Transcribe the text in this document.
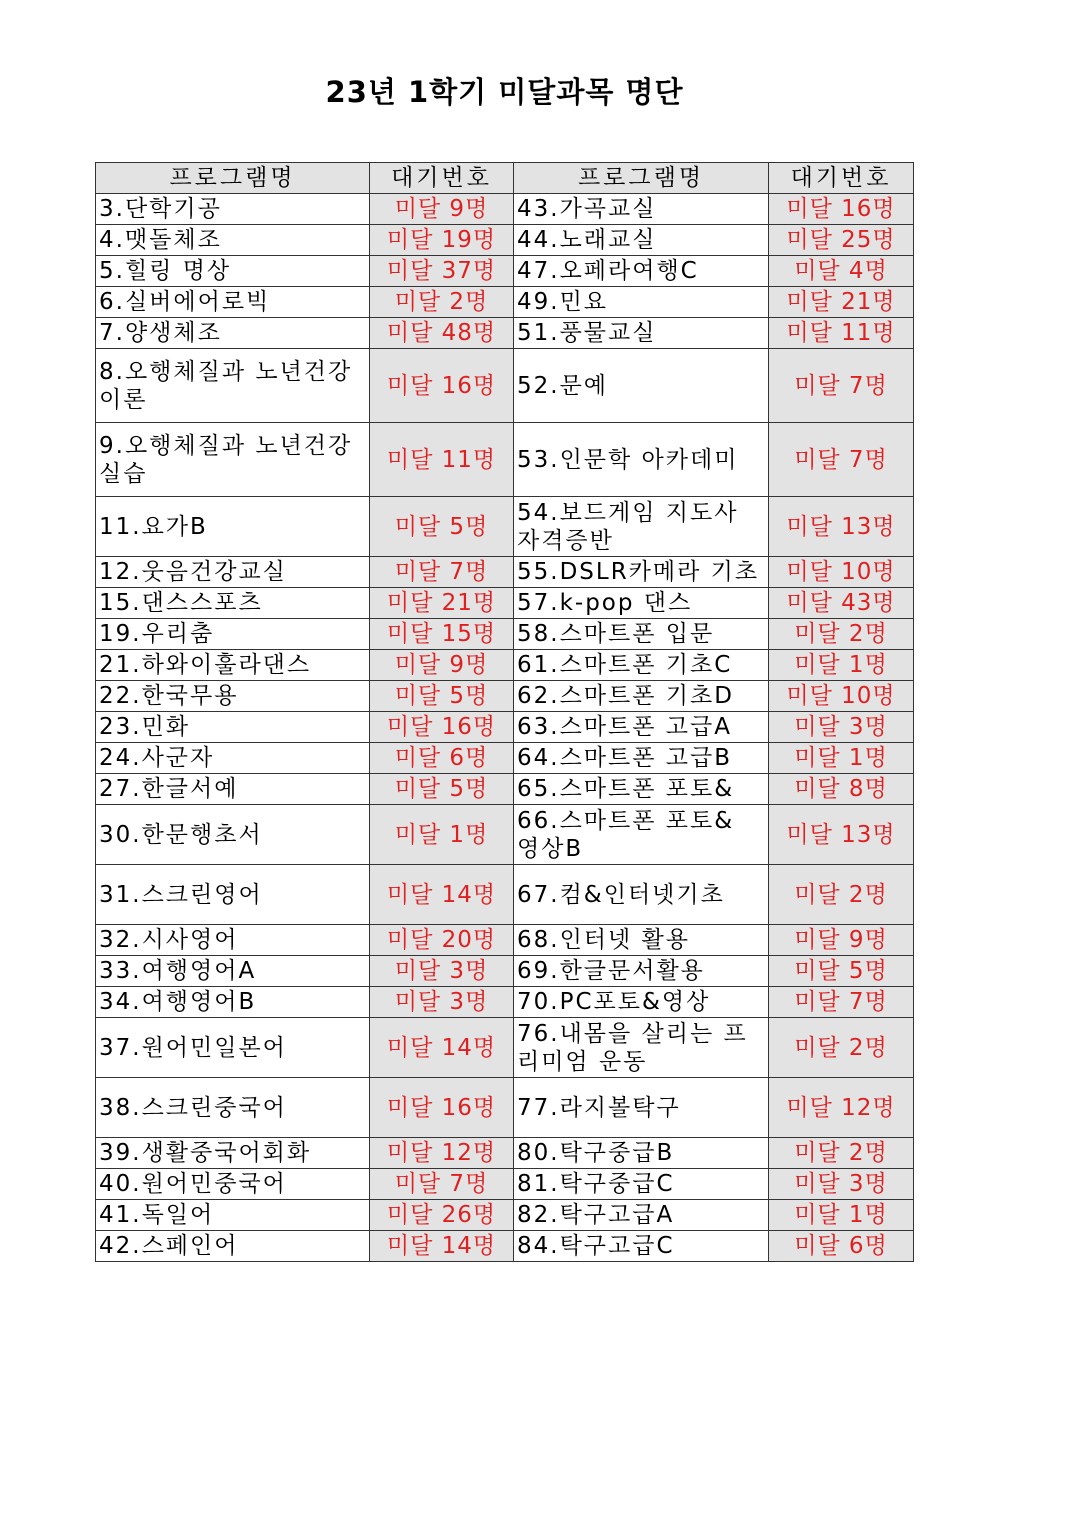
23년 1학기 미달과목 명단
프로그램명	대기번호	프로그램명	대기번호
3.단학기공	미달 9명	43.가곡교실	미달 16명
4.맷돌체조	미달 19명	44.노래교실	미달 25명
5.힐링 명상	미달 37명	47.오페라여행C	미달 4명
6.실버에어로빅	미달 2명	49.민요	미달 21명
7.양생체조	미달 48명	51.풍물교실	미달 11명
8.오행체질과 노년건강 이론	미달 16명	52.문예	미달 7명
9.오행체질과 노년건강 실습	미달 11명	53.인문학 아카데미	미달 7명
11.요가B	미달 5명	54.보드게임 지도사 자격증반	미달 13명
12.웃음건강교실	미달 7명	55.DSLR카메라 기초	미달 10명
15.댄스스포츠	미달 21명	57.k-pop 댄스	미달 43명
19.우리춤	미달 15명	58.스마트폰 입문	미달 2명
21.하와이훌라댄스	미달 9명	61.스마트폰 기초C	미달 1명
22.한국무용	미달 5명	62.스마트폰 기초D	미달 10명
23.민화	미달 16명	63.스마트폰 고급A	미달 3명
24.사군자	미달 6명	64.스마트폰 고급B	미달 1명
27.한글서예	미달 5명	65.스마트폰 포토&	미달 8명
30.한문행초서	미달 1명	66.스마트폰 포토& 영상B	미달 13명
31.스크린영어	미달 14명	67.컴&인터넷기초	미달 2명
32.시사영어	미달 20명	68.인터넷 활용	미달 9명
33.여행영어A	미달 3명	69.한글문서활용	미달 5명
34.여행영어B	미달 3명	70.PC포토&영상	미달 7명
37.원어민일본어	미달 14명	76.내몸을 살리는 프리미엄 운동	미달 2명
38.스크린중국어	미달 16명	77.라지볼탁구	미달 12명
39.생활중국어회화	미달 12명	80.탁구중급B	미달 2명
40.원어민중국어	미달 7명	81.탁구중급C	미달 3명
41.독일어	미달 26명	82.탁구고급A	미달 1명
42.스페인어	미달 14명	84.탁구고급C	미달 6명
